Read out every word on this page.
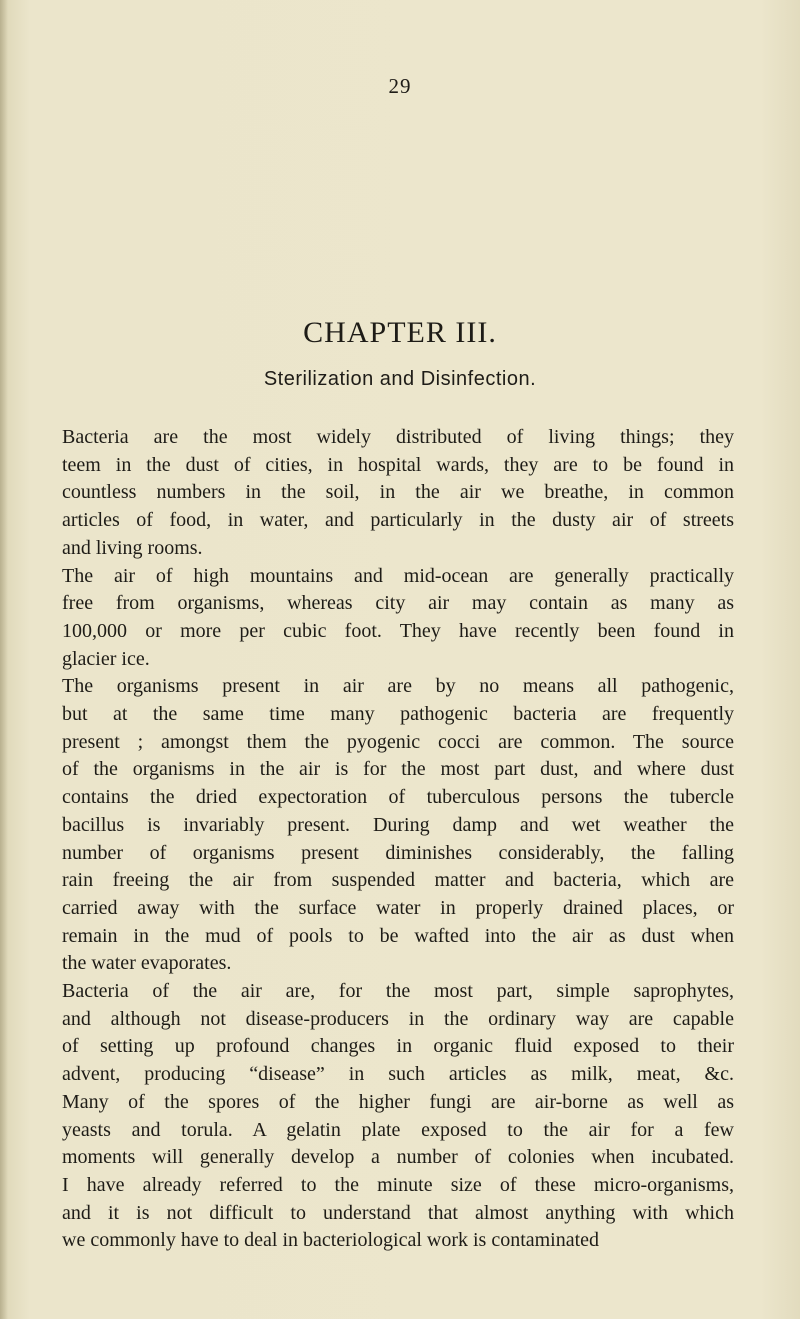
29
CHAPTER III.
Sterilization and Disinfection.

Bacteria are the most widely distributed of living things; they
teem in the dust of cities, in hospital wards, they are to be found in
countless numbers in the soil, in the air we breathe, in common
articles of food, in water, and particularly in the dusty air of streets
and living rooms.

The air of high mountains and mid-ocean are generally practically
free from organisms, whereas city air may contain as many as
100,000 or more per cubic foot. They have recently been found in
glacier ice.

The organisms present in air are by no means all pathogenic,
but at the same time many pathogenic bacteria are frequently
present ; amongst them the pyogenic cocci are common. The source
of the organisms in the air is for the most part dust, and where dust
contains the dried expectoration of tuberculous persons the tubercle
bacillus is invariably present. During damp and wet weather the
number of organisms present diminishes considerably, the falling
rain freeing the air from suspended matter and bacteria, which are
carried away with the surface water in properly drained places, or
remain in the mud of pools to be wafted into the air as dust when
the water evaporates.

Bacteria of the air are, for the most part, simple saprophytes,
and although not disease-producers in the ordinary way are capable
of setting up profound changes in organic fluid exposed to their
advent, producing “disease” in such articles as milk, meat, &c.
Many of the spores of the higher fungi are air-borne as well as
yeasts and torula. A gelatin plate exposed to the air for a few
moments will generally develop a number of colonies when incubated.
I have already referred to the minute size of these micro-organisms,
and it is not difficult to understand that almost anything with which
we commonly have to deal in bacteriological work is contaminated
